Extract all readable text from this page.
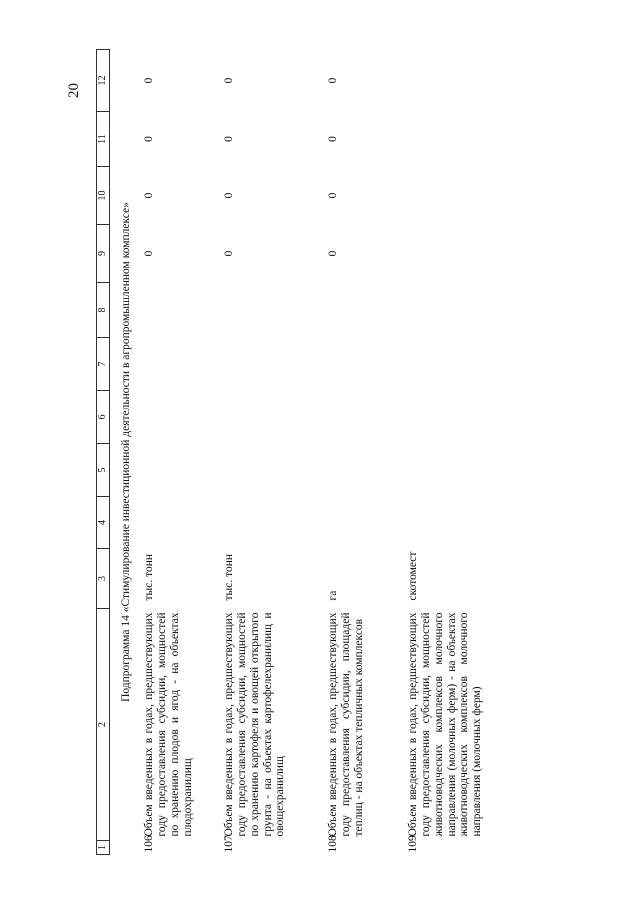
20
1	2	3	4	5	6	7	8	9	10	11	12
Подпрограмма 14 «Стимулирование инвестиционной деятельности в агропромышленном комплексе»											
106.	Объем введенных в годах, предшествующих году предоставления субсидии, мощностей по хранению плодов и ягод - на объектах плодохранилищ	тыс. тонн						0	0	0	0
107.	Объем введенных в годах, предшествующих году предоставления субсидии, мощностей по хранению картофеля и овощей открытого грунта - на объектах картофелехранилищ и овощехранилищ	тыс. тонн						0	0	0	0
108.	Объем введенных в годах, предшествующих году предоставления субсидии, площадей теплиц - на объектах тепличных комплексов	га						0	0	0	0
109.	Объем введенных в годах, предшествующих году предоставления субсидии, мощностей животноводческих комплексов молочного направления (молочных ферм) - на объектах животноводческих комплексов молочного направления (молочных ферм)	скотомест									
